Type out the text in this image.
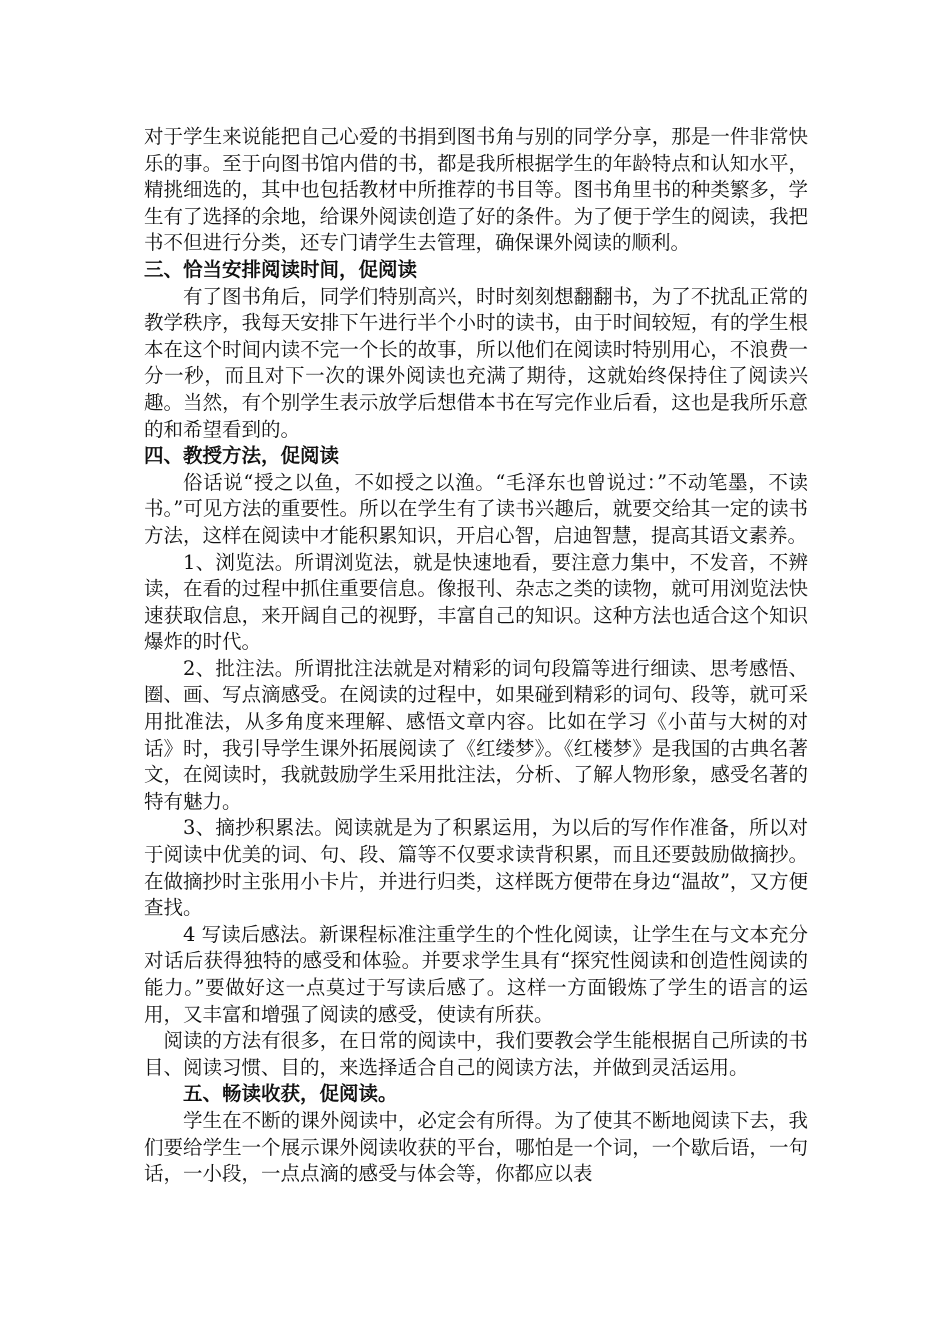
对于学生来说能把自己心爱的书捐到图书角与别的同学分享，那是一件非常快乐的事。至于向图书馆内借的书，都是我所根据学生的年龄特点和认知水平，精挑细选的，其中也包括教材中所推荐的书目等。图书角里书的种类繁多，学生有了选择的余地，给课外阅读创造了好的条件。为了便于学生的阅读，我把书不但进行分类，还专门请学生去管理，确保课外阅读的顺利。

三、恰当安排阅读时间，促阅读

有了图书角后，同学们特别高兴，时时刻刻想翻翻书，为了不扰乱正常的教学秩序，我每天安排下午进行半个小时的读书，由于时间较短，有的学生根本在这个时间内读不完一个长的故事，所以他们在阅读时特别用心，不浪费一分一秒，而且对下一次的课外阅读也充满了期待，这就始终保持住了阅读兴趣。当然，有个别学生表示放学后想借本书在写完作业后看，这也是我所乐意的和希望看到的。

四、教授方法，促阅读

俗话说“授之以鱼，不如授之以渔。“毛泽东也曾说过：”不动笔墨，不读书。”可见方法的重要性。所以在学生有了读书兴趣后，就要交给其一定的读书方法，这样在阅读中才能积累知识，开启心智，启迪智慧，提高其语文素养。

1、浏览法。所谓浏览法，就是快速地看，要注意力集中，不发音，不辨读，在看的过程中抓住重要信息。像报刊、杂志之类的读物，就可用浏览法快速获取信息，来开阔自己的视野，丰富自己的知识。这种方法也适合这个知识爆炸的时代。

2、批注法。所谓批注法就是对精彩的词句段篇等进行细读、思考感悟、圈、画、写点滴感受。在阅读的过程中，如果碰到精彩的词句、段等，就可采用批准法，从多角度来理解、感悟文章内容。比如在学习《小苗与大树的对话》时，我引导学生课外拓展阅读了《红缕梦》。《红楼梦》是我国的古典名著文，在阅读时，我就鼓励学生采用批注法，分析、了解人物形象，感受名著的特有魅力。

3、摘抄积累法。阅读就是为了积累运用，为以后的写作作准备，所以对于阅读中优美的词、句、段、篇等不仅要求读背积累，而且还要鼓励做摘抄。在做摘抄时主张用小卡片，并进行归类，这样既方便带在身边“温故”，又方便查找。

4 写读后感法。新课程标准注重学生的个性化阅读，让学生在与文本充分对话后获得独特的感受和体验。并要求学生具有“探究性阅读和创造性阅读的能力。”要做好这一点莫过于写读后感了。这样一方面锻炼了学生的语言的运用，又丰富和增强了阅读的感受，使读有所获。

阅读的方法有很多，在日常的阅读中，我们要教会学生能根据自己所读的书目、阅读习惯、目的，来选择适合自己的阅读方法，并做到灵活运用。

五、畅读收获，促阅读。

学生在不断的课外阅读中，必定会有所得。为了使其不断地阅读下去，我们要给学生一个展示课外阅读收获的平台，哪怕是一个词，一个歇后语，一句话，一小段，一点点滴的感受与体会等，你都应以表
